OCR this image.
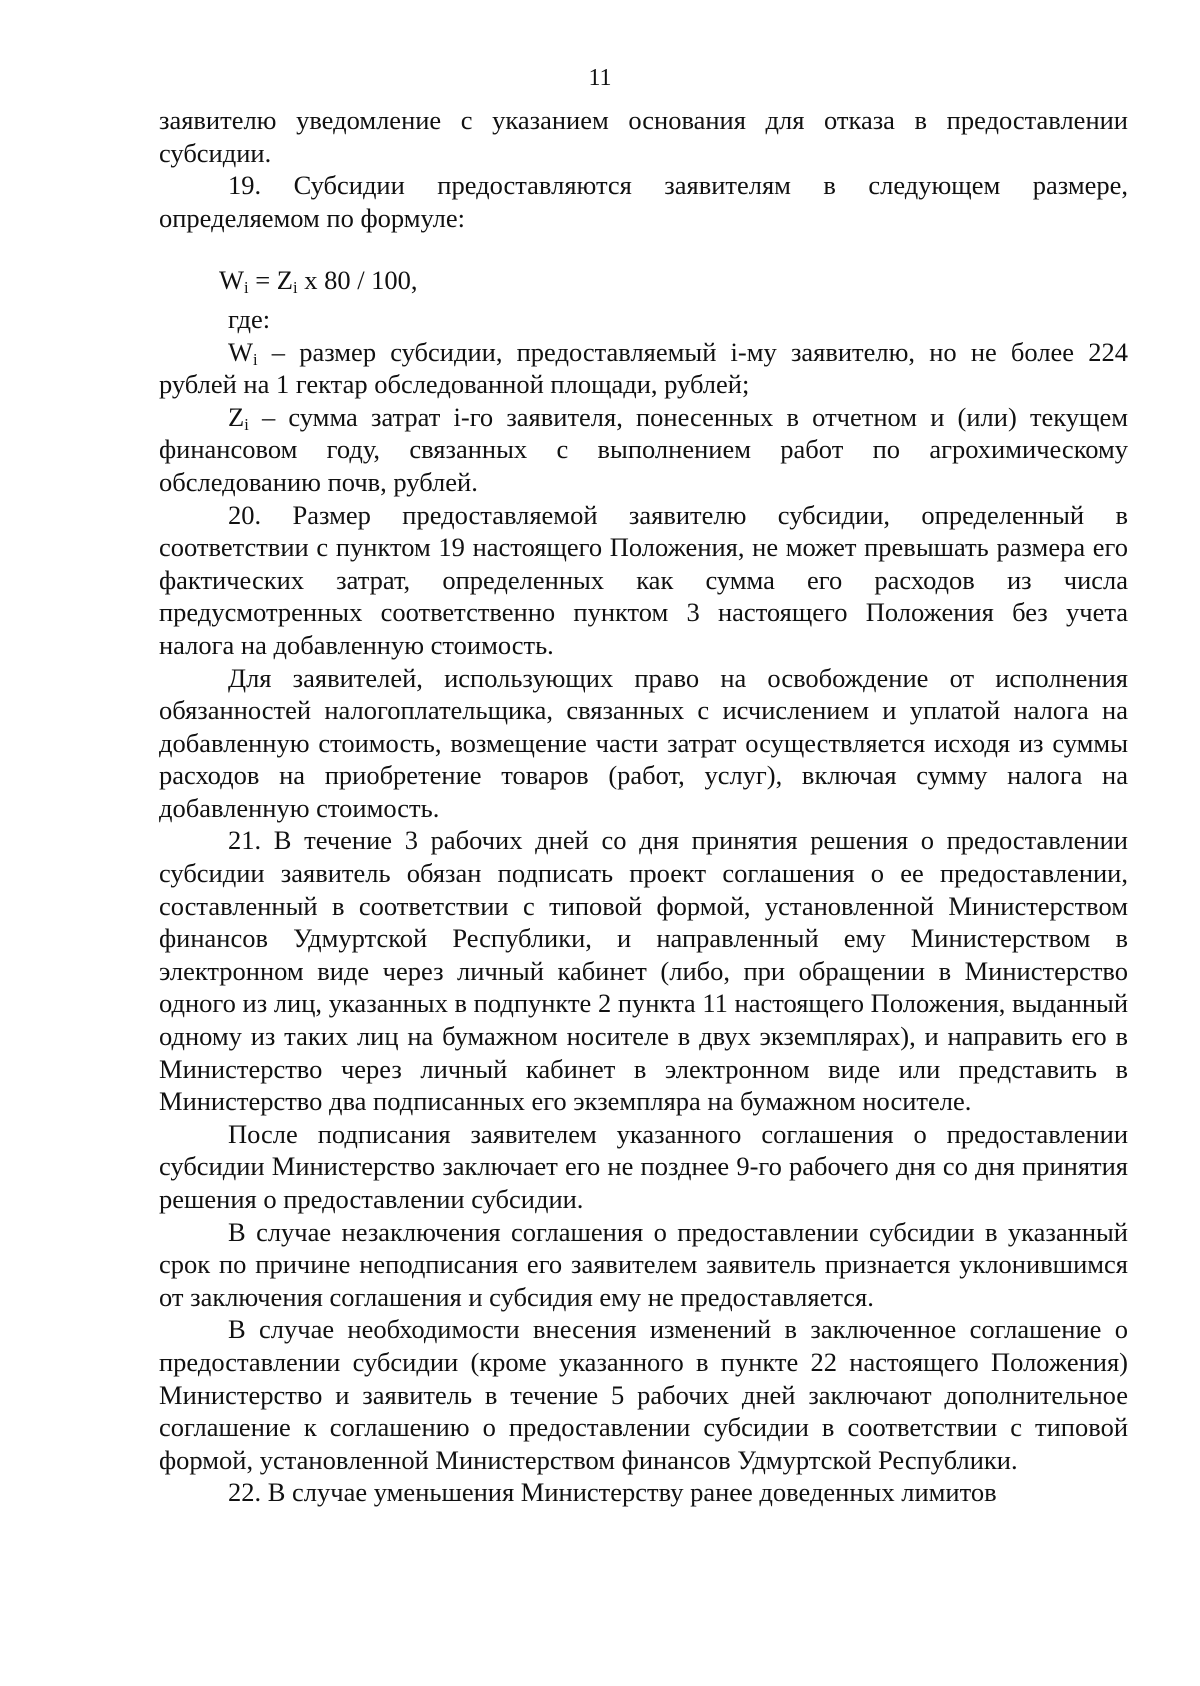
11

заявителю уведомление с указанием основания для отказа в предоставлении субсидии.

19. Субсидии предоставляются заявителям в следующем размере, определяемом по формуле:

$W_i = Z_i$ x 80 / 100,

где:

$W_i$ – размер субсидии, предоставляемый i-му заявителю, но не более 224 рублей на 1 гектар обследованной площади, рублей;

$Z_i$ – сумма затрат i-го заявителя, понесенных в отчетном и (или) текущем финансовом году, связанных с выполнением работ по агрохимическому обследованию почв, рублей.

20. Размер предоставляемой заявителю субсидии, определенный в соответствии с пунктом 19 настоящего Положения, не может превышать размера его фактических затрат, определенных как сумма его расходов из числа предусмотренных соответственно пунктом 3 настоящего Положения без учета налога на добавленную стоимость.

Для заявителей, использующих право на освобождение от исполнения обязанностей налогоплательщика, связанных с исчислением и уплатой налога на добавленную стоимость, возмещение части затрат осуществляется исходя из суммы расходов на приобретение товаров (работ, услуг), включая сумму налога на добавленную стоимость.

21. В течение 3 рабочих дней со дня принятия решения о предоставлении субсидии заявитель обязан подписать проект соглашения о ее предоставлении, составленный в соответствии с типовой формой, установленной Министерством финансов Удмуртской Республики, и направленный ему Министерством в электронном виде через личный кабинет (либо, при обращении в Министерство одного из лиц, указанных в подпункте 2 пункта 11 настоящего Положения, выданный одному из таких лиц на бумажном носителе в двух экземплярах), и направить его в Министерство через личный кабинет в электронном виде или представить в Министерство два подписанных его экземпляра на бумажном носителе.

После подписания заявителем указанного соглашения о предоставлении субсидии Министерство заключает его не позднее 9-го рабочего дня со дня принятия решения о предоставлении субсидии.

В случае незаключения соглашения о предоставлении субсидии в указанный срок по причине неподписания его заявителем заявитель признается уклонившимся от заключения соглашения и субсидия ему не предоставляется.

В случае необходимости внесения изменений в заключенное соглашение о предоставлении субсидии (кроме указанного в пункте 22 настоящего Положения) Министерство и заявитель в течение 5 рабочих дней заключают дополнительное соглашение к соглашению о предоставлении субсидии в соответствии с типовой формой, установленной Министерством финансов Удмуртской Республики.

22. В случае уменьшения Министерству ранее доведенных лимитов
